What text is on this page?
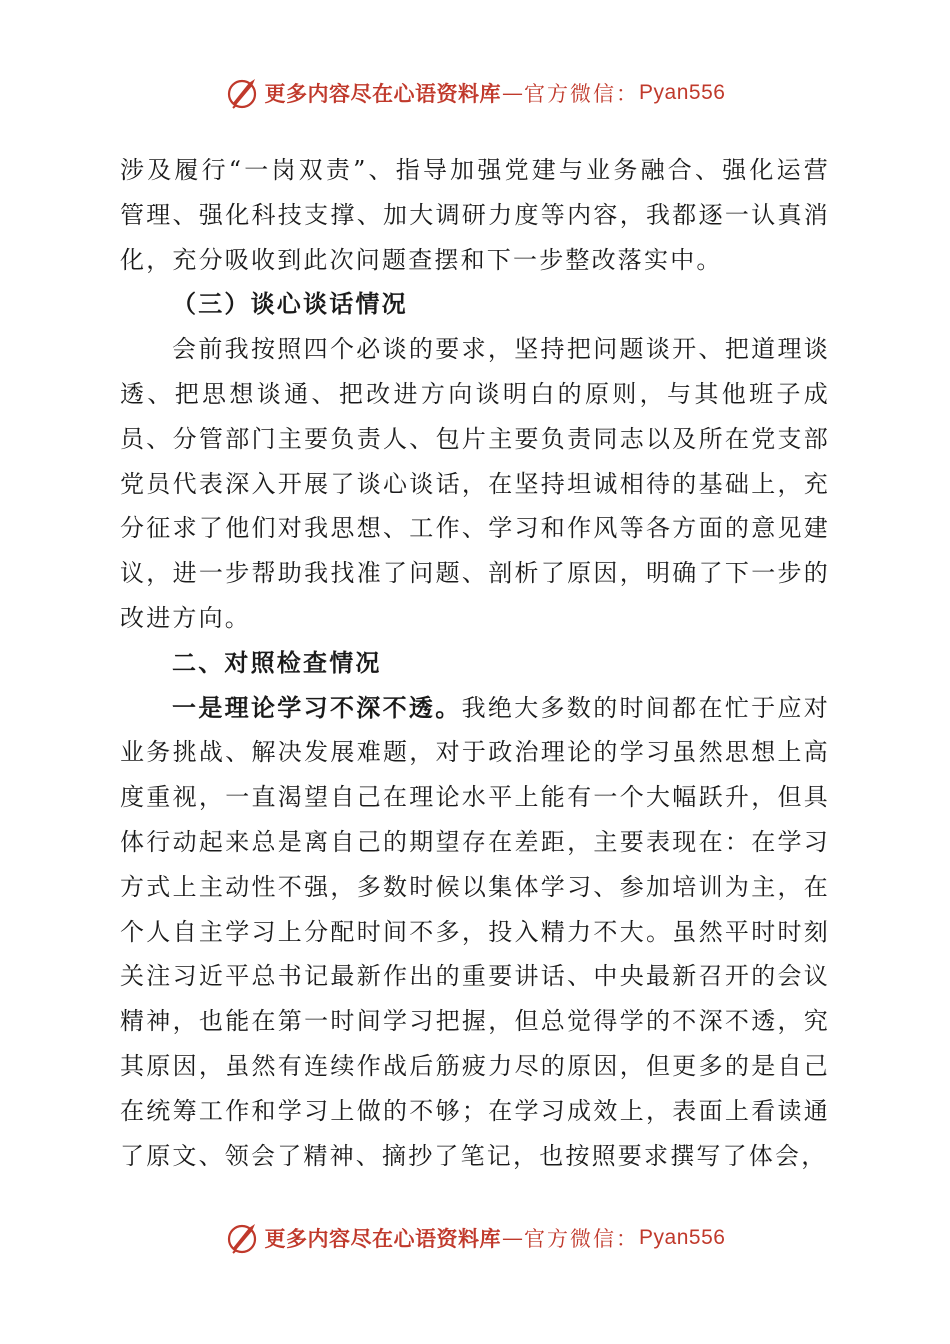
更多内容尽在心语资料库 — 官方微信： Pyan556

涉及履行“一岗双责”、指导加强党建与业务融合、强化运营管理、强化科技支撑、加大调研力度等内容，我都逐一认真消化，充分吸收到此次问题查摆和下一步整改落实中。

（三）谈心谈话情况

会前我按照四个必谈的要求，坚持把问题谈开、把道理谈透、把思想谈通、把改进方向谈明白的原则，与其他班子成员、分管部门主要负责人、包片主要负责同志以及所在党支部党员代表深入开展了谈心谈话，在坚持坦诚相待的基础上，充分征求了他们对我思想、工作、学习和作风等各方面的意见建议，进一步帮助我找准了问题、剖析了原因，明确了下一步的改进方向。

二、对照检查情况

一是理论学习不深不透。我绝大多数的时间都在忙于应对业务挑战、解决发展难题，对于政治理论的学习虽然思想上高度重视，一直渴望自己在理论水平上能有一个大幅跃升，但具体行动起来总是离自己的期望存在差距，主要表现在：在学习方式上主动性不强，多数时候以集体学习、参加培训为主，在个人自主学习上分配时间不多，投入精力不大。虽然平时时刻关注习近平总书记最新作出的重要讲话、中央最新召开的会议精神，也能在第一时间学习把握，但总觉得学的不深不透，究其原因，虽然有连续作战后筋疲力尽的原因，但更多的是自己在统筹工作和学习上做的不够；在学习成效上，表面上看读通了原文、领会了精神、摘抄了笔记，也按照要求撰写了体会，

更多内容尽在心语资料库 — 官方微信： Pyan556
